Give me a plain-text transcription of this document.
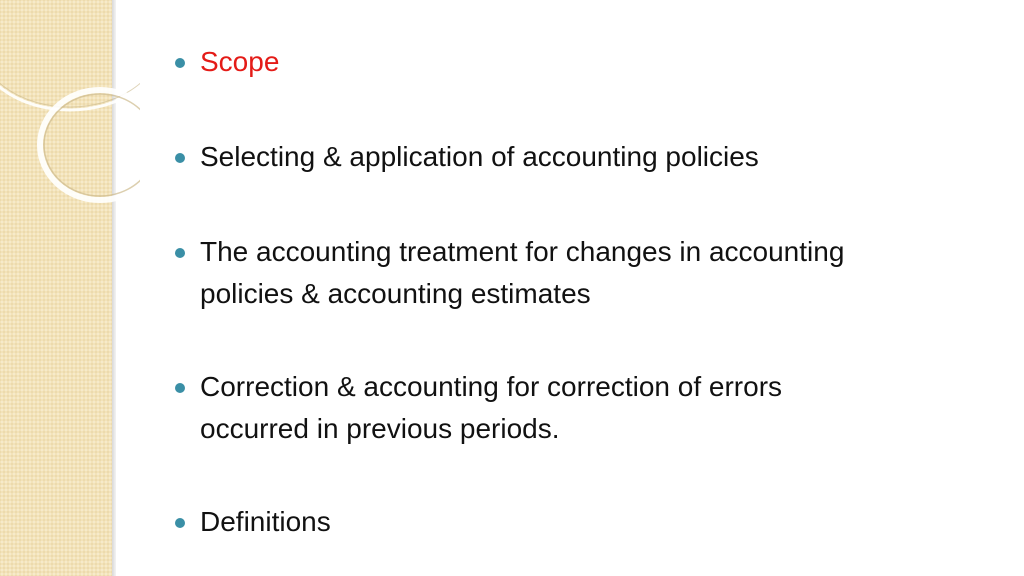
Scope
Selecting & application of accounting policies
The accounting treatment for changes in accounting
policies & accounting estimates
Correction & accounting for correction of errors
occurred in previous periods.
Definitions
